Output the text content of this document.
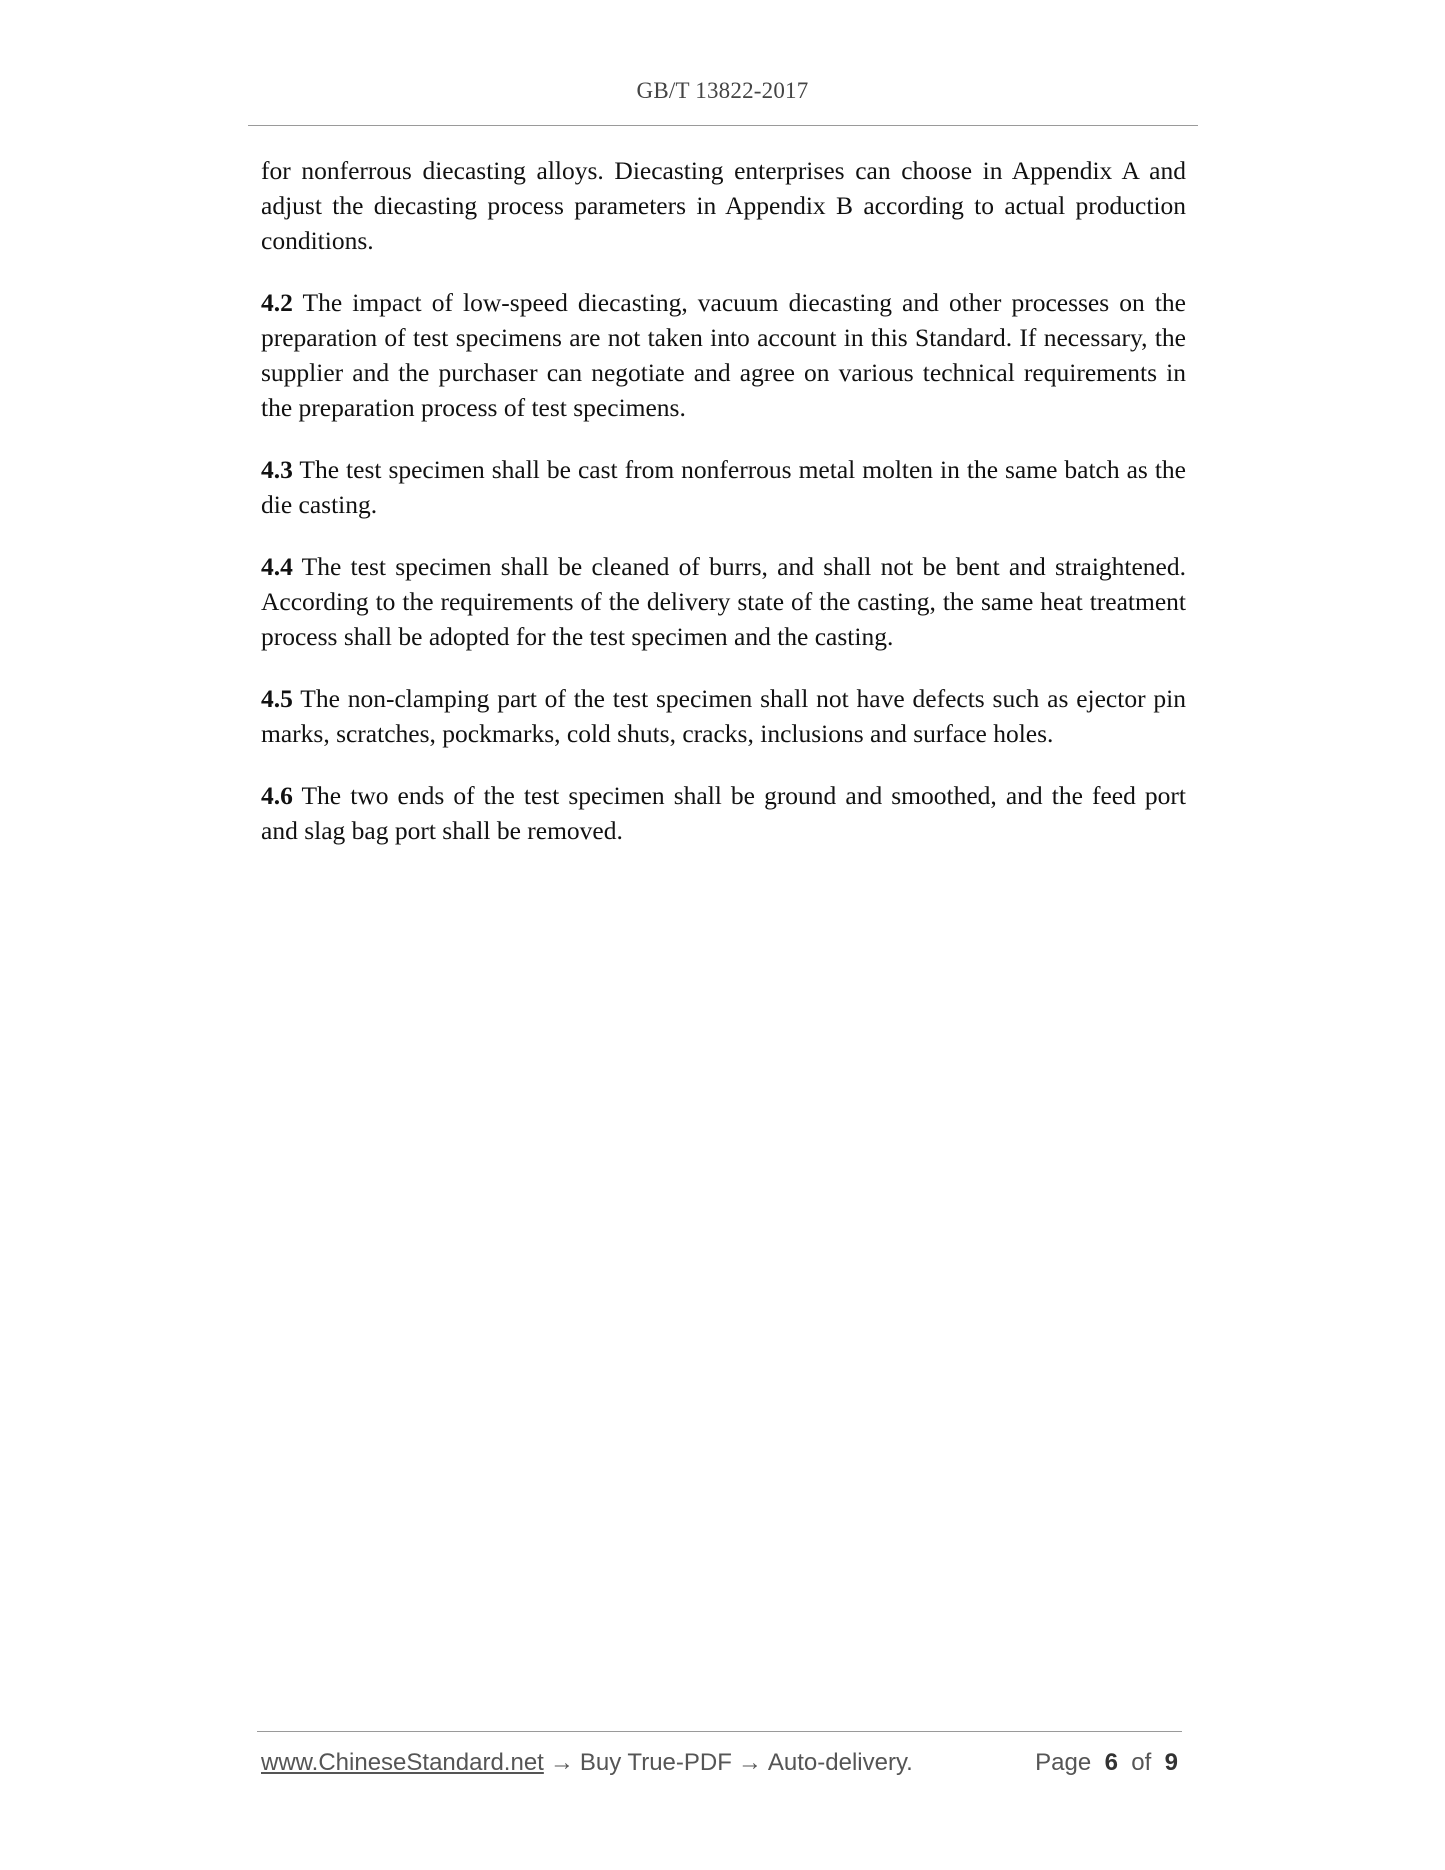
GB/T 13822-2017

for nonferrous diecasting alloys. Diecasting enterprises can choose in Appendix A and adjust the diecasting process parameters in Appendix B according to actual production conditions.

4.2 The impact of low-speed diecasting, vacuum diecasting and other processes on the preparation of test specimens are not taken into account in this Standard. If necessary, the supplier and the purchaser can negotiate and agree on various technical requirements in the preparation process of test specimens.

4.3 The test specimen shall be cast from nonferrous metal molten in the same batch as the die casting.

4.4 The test specimen shall be cleaned of burrs, and shall not be bent and straightened. According to the requirements of the delivery state of the casting, the same heat treatment process shall be adopted for the test specimen and the casting.

4.5 The non-clamping part of the test specimen shall not have defects such as ejector pin marks, scratches, pockmarks, cold shuts, cracks, inclusions and surface holes.

4.6 The two ends of the test specimen shall be ground and smoothed, and the feed port and slag bag port shall be removed.

www.ChineseStandard.net → Buy True-PDF → Auto-delivery.	Page 6 of 9
